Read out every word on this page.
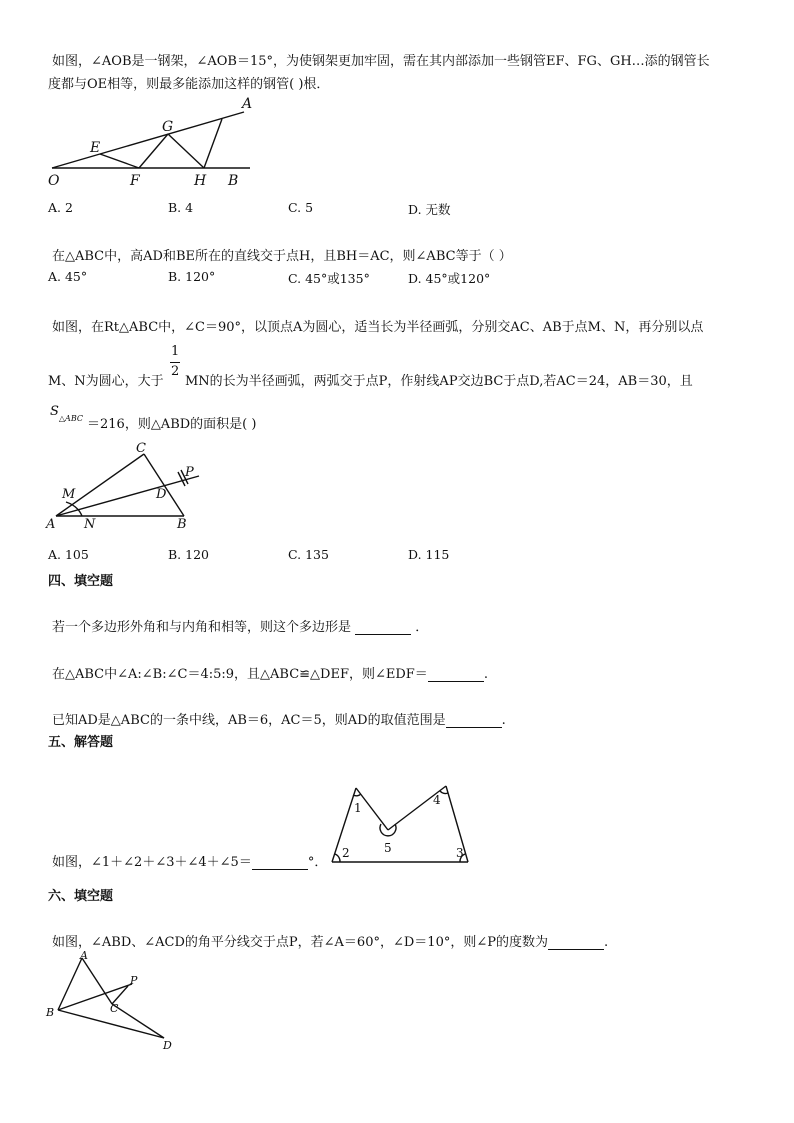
如图，∠AOB是一钢架，∠AOB＝15°，为使钢架更加牢固，需在其内部添加一些钢管EF、FG、GH…添的钢管长
度都与OE相等，则最多能添加这样的钢管( )根．
A
G
E
O	F	H B
A. 2	B. 4	C. 5	D. 无数
在△ABC中，高AD和BE所在的直线交于点H，且BH＝AC，则∠ABC等于（ ）
A. 45°	B. 120°	C. 45°或135°	D. 45°或120°
如图，在Rt△ABC中，∠C＝90°，以顶点A为圆心，适当长为半径画弧，分别交AC、AB于点M、N，再分别以点
1
2
M、N为圆心，大于 MN的长为半径画弧，两弧交于点P，作射线AP交边BC于点D,若AC＝24，AB＝30，且
$S_{\triangle ABC} =216$，则△ABD的面积是( )
C
P
M	D
A N	B
A. 105	B. 120	C. 135	D. 115
四、填空题
若一个多边形外角和与内角和相等，则这个多边形是	．
在△ABC中∠A:∠B:∠C＝4:5:9，且△ABC≌△DEF，则∠EDF＝	.
已知AD是△ABC的一条中线，AB＝6，AC＝5，则AD的取值范围是	.
五、解答题
1
4
5
2	3
如图，∠1＋∠2＋∠3＋∠4＋∠5＝	°．
六、填空题
如图，∠ABD、∠ACD的角平分线交于点P，若∠A＝60°，∠D＝10°，则∠P的度数为	.
A
P
C
B
D
